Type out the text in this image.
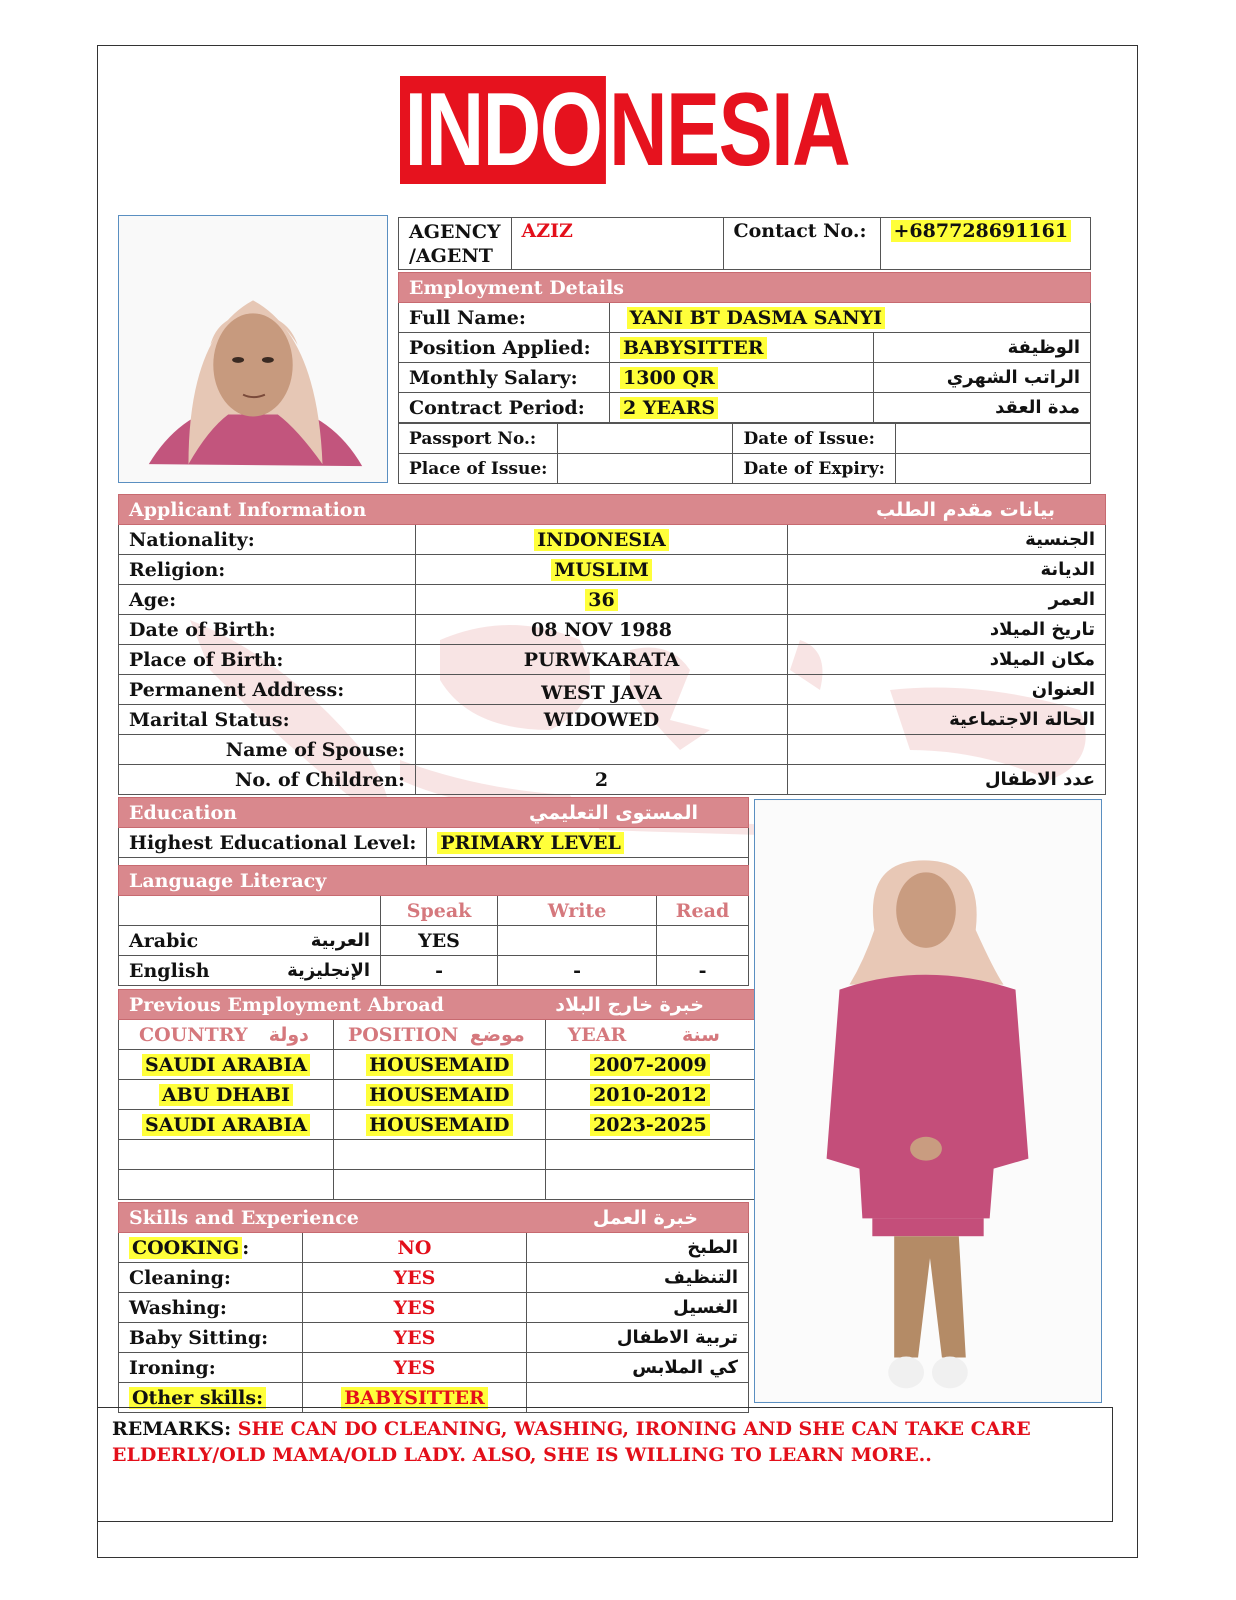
INDO NESIA
AGENCY
/AGENT
	AZIZ	Contact No.:	+687728691161
Employment Details		
Full Name:	YANI BT DASMA SANYI	
Position Applied:	BABYSITTER	الوظيفة
Monthly Salary:	1300 QR	الراتب الشهري
Contract Period:	2 YEARS	مدة العقد
Passport No.:		Date of Issue:	
Place of Issue:		Date of Expiry:	
Applicant Information		بيانات مقدم الطلب
Nationality:	INDONESIA	الجنسية
Religion:	MUSLIM	الديانة
Age:	36	العمر
Date of Birth:	08 NOV 1988	تاريخ الميلاد
Place of Birth:	PURWKARATA	مكان الميلاد
Permanent Address:	WEST JAVA	العنوان
Marital Status:	WIDOWED	الحالة الاجتماعية
Name of Spouse:		
No. of Children:	2	عدد الاطفال
Education	المستوى التعليمي
Highest Educational Level:	PRIMARY LEVEL

Language Literacy				
		Speak	Write	Read
Arabic	العربية	YES		
English	الإنجليزية	-	-	-
Previous Employment Abroad		خبرة خارج البلاد
COUNTRY دولة	POSITION موضع	YEAR سنة

SAUDI ARABIA	HOUSEMAID	2007-2009
ABU DHABI	HOUSEMAID	2010-2012
SAUDI ARABIA	HOUSEMAID	2023-2025

Skills and Experience		خبرة العمل
COOKING :	NO	الطبخ
Cleaning:	YES	التنظيف
Washing:	YES	الغسيل
Baby Sitting:	YES	تربية الاطفال
Ironing:	YES	كي الملابس
Other skills:	BABYSITTER	
REMARKS: SHE CAN DO CLEANING, WASHING, IRONING AND SHE CAN TAKE CARE ELDERLY/OLD MAMA/OLD LADY. ALSO, SHE IS WILLING TO LEARN MORE..
